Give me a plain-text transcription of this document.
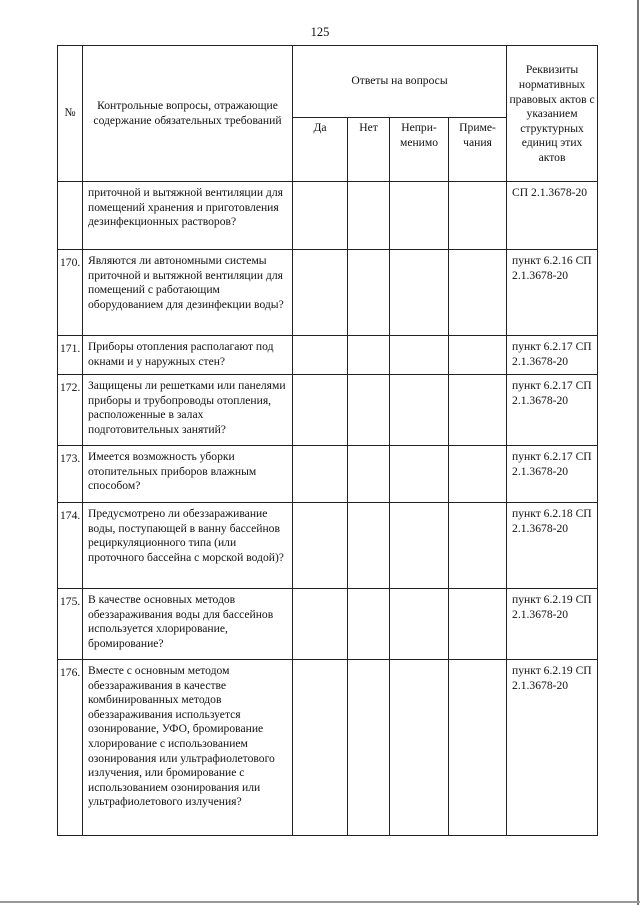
125
№	Контрольные вопросы, отражающие содержание обязательных требований	Ответы на вопросы				Реквизиты нормативных правовых актов с указанием структурных единиц этих актов
		Да	Нет	Непри-менимо	Приме-чания	
	приточной и вытяжной вентиляции для помещений хранения и приготовления дезинфекционных растворов?					СП 2.1.3678-20
170.	Являются ли автономными системы приточной и вытяжной вентиляции для помещений с работающим оборудованием для дезинфекции воды?					пункт 6.2.16 СП 2.1.3678-20
171.	Приборы отопления располагают под окнами и у наружных стен?					пункт 6.2.17 СП 2.1.3678-20
172.	Защищены ли решетками или панелями приборы и трубопроводы отопления, расположенные в залах подготовительных занятий?					пункт 6.2.17 СП 2.1.3678-20
173.	Имеется возможность уборки отопительных приборов влажным способом?					пункт 6.2.17 СП 2.1.3678-20
174.	Предусмотрено ли обеззараживание воды, поступающей в ванну бассейнов рециркуляционного типа (или проточного бассейна с морской водой)?					пункт 6.2.18 СП 2.1.3678-20
175.	В качестве основных методов обеззараживания воды для бассейнов используется хлорирование, бромирование?					пункт 6.2.19 СП 2.1.3678-20
176.	Вместе с основным методом обеззараживания в качестве комбинированных методов обеззараживания используется озонирование, УФО, бромирование хлорирование с использованием озонирования или ультрафиолетового излучения, или бромирование с использованием озонирования или ультрафиолетового излучения?					пункт 6.2.19 СП 2.1.3678-20
